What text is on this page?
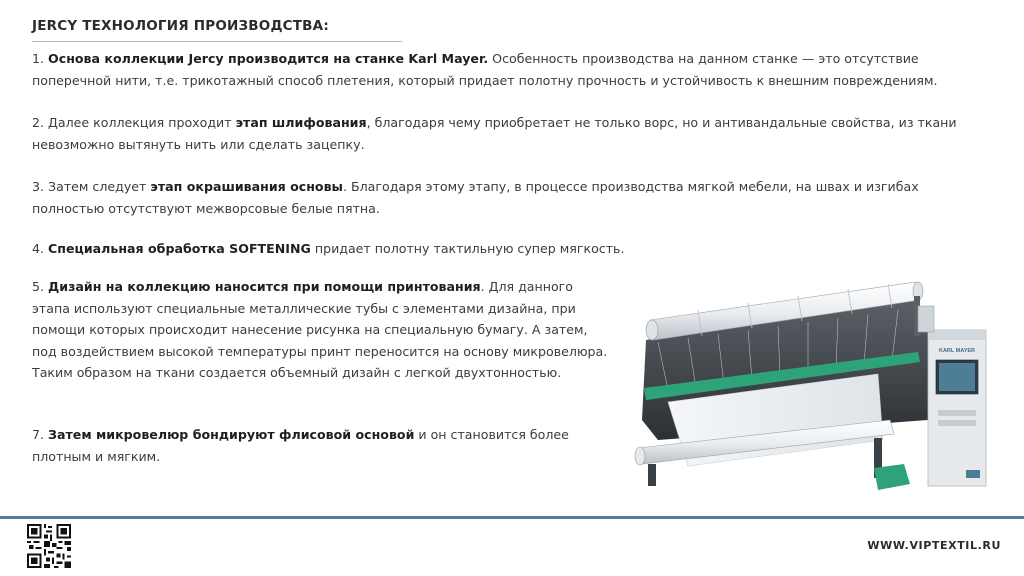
JERCY ТЕХНОЛОГИЯ ПРОИЗВОДСТВА:

1. Основа коллекции Jercy производится на станке Karl Mayer. Особенность производства на данном станке — это отсутствие поперечной нити, т.е. трикотажный способ плетения, который придает полотну прочность и устойчивость к внешним повреждениям.

2. Далее коллекция проходит этап шлифования, благодаря чему приобретает не только ворс, но и антивандальные свойства, из ткани невозможно вытянуть нить или сделать зацепку.

3. Затем следует этап окрашивания основы. Благодаря этому этапу, в процессе производства мягкой мебели, на швах и изгибах полностью отсутствуют межворсовые белые пятна.

4. Специальная обработка SOFTENING придает полотну тактильную супер мягкость.

5. Дизайн на коллекцию наносится при помощи принтования. Для данного этапа используют специальные металлические тубы с элементами дизайна, при помощи которых происходит нанесение рисунка на специальную бумагу. А затем, под воздействием высокой температуры принт переносится на основу микровелюра. Таким образом на ткани создается объемный дизайн с легкой двухтонностью.

7. Затем микровелюр бондируют флисовой основой и он становится более плотным и мягким.

KARL MAYER
WWW.VIPTEXTIL.RU
